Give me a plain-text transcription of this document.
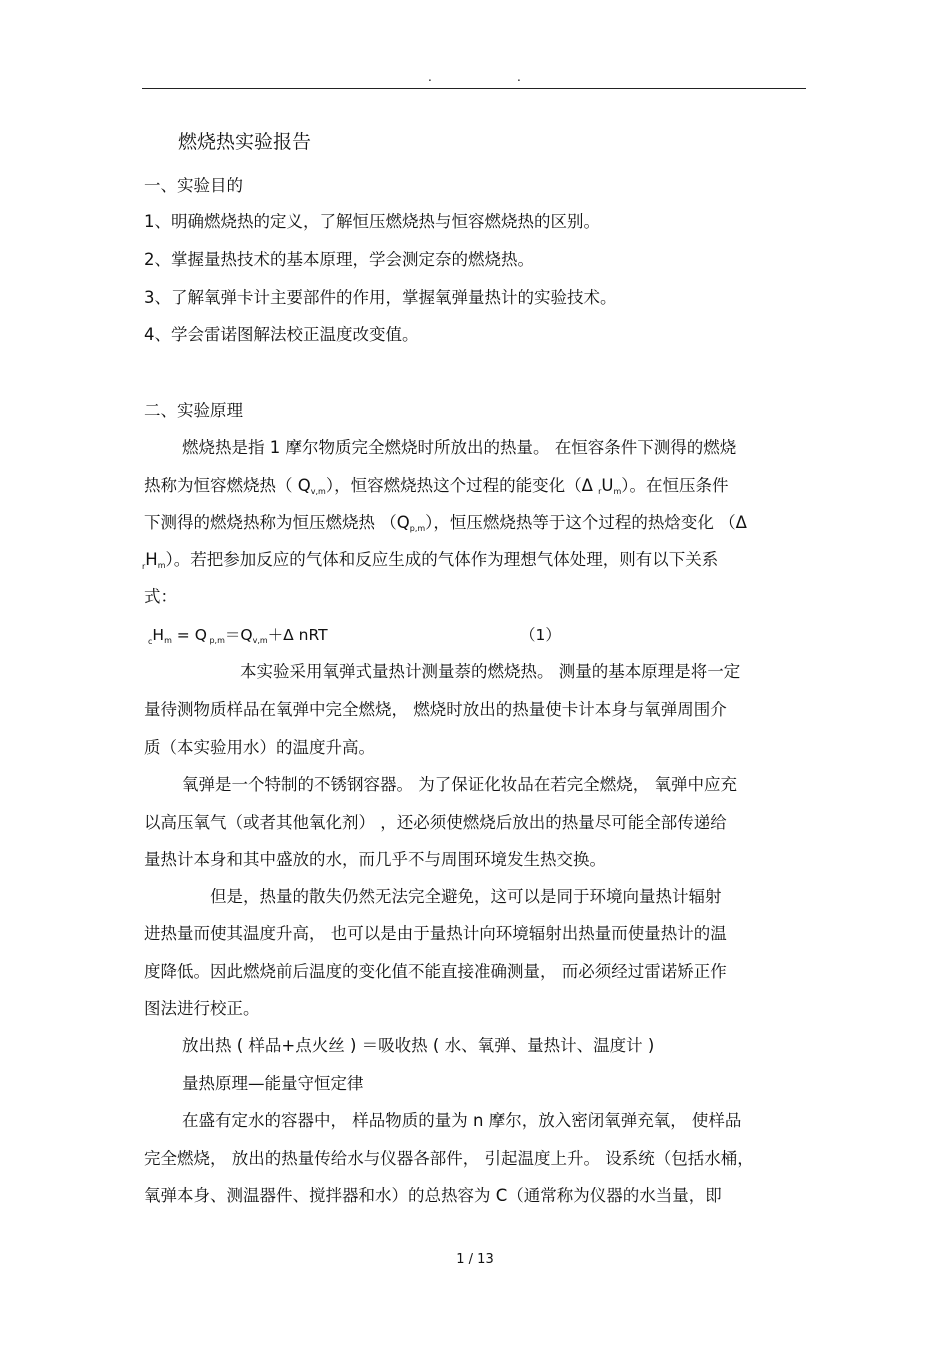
.	.
燃烧热实验报告
一、实验目的
1、明确燃烧热的定义，了解恒压燃烧热与恒容燃烧热的区别。
2、掌握量热技术的基本原理，学会测定奈的燃烧热。
3、了解氧弹卡计主要部件的作用，掌握氧弹量热计的实验技术。
4、学会雷诺图解法校正温度改变值。
二、实验原理
燃烧热是指 1 摩尔物质完全燃烧时所放出的热量。 在恒容条件下测得的燃烧
热称为恒容燃烧热（ Qv,m），恒容燃烧热这个过程的能变化（Δ rUm）。在恒压条件
下测得的燃烧热称为恒压燃烧热 （Qp,m），恒压燃烧热等于这个过程的热焓变化 （Δ
$_r$Hm）。若把参加反应的气体和反应生成的气体作为理想气体处理，则有以下关系
式：
$_c$Hm = Q p,m＝Qv,m＋Δ nRT	（1）
本实验采用氧弹式量热计测量萘的燃烧热。 测量的基本原理是将一定
量待测物质样品在氧弹中完全燃烧， 燃烧时放出的热量使卡计本身与氧弹周围介
质（本实验用水）的温度升高。
氧弹是一个特制的不锈钢容器。 为了保证化妆品在若完全燃烧， 氧弹中应充
以高压氧气（或者其他氧化剂） ，还必须使燃烧后放出的热量尽可能全部传递给
量热计本身和其中盛放的水，而几乎不与周围环境发生热交换。
但是，热量的散失仍然无法完全避免，这可以是同于环境向量热计辐射
进热量而使其温度升高， 也可以是由于量热计向环境辐射出热量而使量热计的温
度降低。因此燃烧前后温度的变化值不能直接准确测量， 而必须经过雷诺矫正作
图法进行校正。
放出热 ( 样品+点火丝 ) ＝吸收热 ( 水、氧弹、量热计、温度计 )
量热原理—能量守恒定律
在盛有定水的容器中， 样品物质的量为 n 摩尔，放入密闭氧弹充氧， 使样品
完全燃烧， 放出的热量传给水与仪器各部件， 引起温度上升。 设系统（包括水桶，
氧弹本身、测温器件、搅拌器和水）的总热容为 C（通常称为仪器的水当量，即
1 / 13
